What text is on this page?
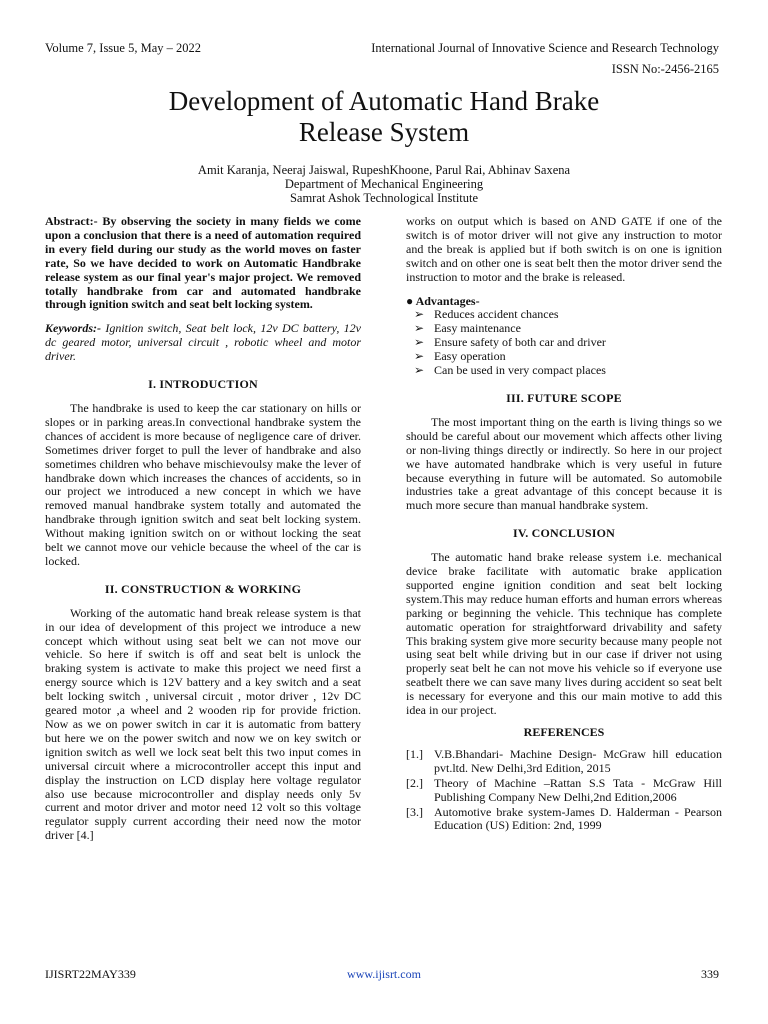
Volume 7, Issue 5, May – 2022	International Journal of Innovative Science and Research Technology
ISSN No:-2456-2165
Development of Automatic Hand Brake
Release System
Amit Karanja, Neeraj Jaiswal, RupeshKhoone, Parul Rai, Abhinav Saxena
Department of Mechanical Engineering
Samrat Ashok Technological Institute

Abstract:- By observing the society in many fields we come upon a conclusion that there is a need of automation required in every field during our study as the world moves on faster rate, So we have decided to work on Automatic Handbrake release system as our final year's major project. We removed totally handbrake from car and automated handbrake through ignition switch and seat belt locking system.

Keywords:- Ignition switch, Seat belt lock, 12v DC battery, 12v dc geared motor, universal circuit , robotic wheel and motor driver.

I. INTRODUCTION

The handbrake is used to keep the car stationary on hills or slopes or in parking areas.In convectional handbrake system the chances of accident is more because of negligence care of driver. Sometimes driver forget to pull the lever of handbrake and also sometimes children who behave mischievoulsy make the lever of handbrake down which increases the chances of accidents, so in our project we introduced a new concept in which we have removed manual handbrake system totally and automated the handbrake through ignition switch and seat belt locking system. Without making ignition switch on or without locking the seat belt we cannot move our vehicle because the wheel of the car is locked.

II. CONSTRUCTION & WORKING

Working of the automatic hand break release system is that in our idea of development of this project we introduce a new concept which without using seat belt we can not move our vehicle. So here if switch is off and seat belt is unlock the braking system is activate to make this project we need first a energy source which is 12V battery and a key switch and a seat belt locking switch , universal circuit , motor driver , 12v DC geared motor ,a wheel and 2 wooden rip for provide friction. Now as we on power switch in car it is automatic from battery but here we on the power switch and now we on key switch or ignition switch as well we lock seat belt this two input comes in universal circuit where a microcontroller accept this input and display the instruction on LCD display here voltage regulator also use because microcontroller and display needs only 5v current and motor driver and motor need 12 volt so this voltage regulator supply current according their need now the motor driver [4.]

works on output which is based on AND GATE if one of the switch is of motor driver will not give any instruction to motor and the break is applied but if both switch is on one is ignition switch and on other one is seat belt then the motor driver send the instruction to motor and the brake is released.

● Advantages-
➢ Reduces accident chances
➢ Easy maintenance
➢ Ensure safety of both car and driver
➢ Easy operation
➢ Can be used in very compact places
III. FUTURE SCOPE

The most important thing on the earth is living things so we should be careful about our movement which affects other living or non-living things directly or indirectly. So here in our project we have automated handbrake which is very useful in future because everything in future will be automated. So automobile industries take a great advantage of this concept because it is much more secure than manual handbrake system.

IV. CONCLUSION

The automatic hand brake release system i.e. mechanical device brake facilitate with automatic brake application supported engine ignition condition and seat belt locking system.This may reduce human efforts and human errors whereas parking or beginning the vehicle. This technique has complete automatic operation for straightforward drivability and safety This braking system give more security because many people not using seat belt while driving but in our case if driver not using properly seat belt he can not move his vehicle so if everyone use seatbelt there we can save many lives during accident so seat belt is necessary for everyone and this our main motive to add this idea in our project.

REFERENCES
[1.] V.B.Bhandari- Machine Design- McGraw hill education pvt.ltd. New Delhi,3rd Edition, 2015
[2.] Theory of Machine –Rattan S.S Tata - McGraw Hill Publishing Company New Delhi,2nd Edition,2006
[3.] Automotive brake system-James D. Halderman - Pearson Education (US) Edition: 2nd, 1999
IJISRT22MAY339	www.ijisrt.com	339
